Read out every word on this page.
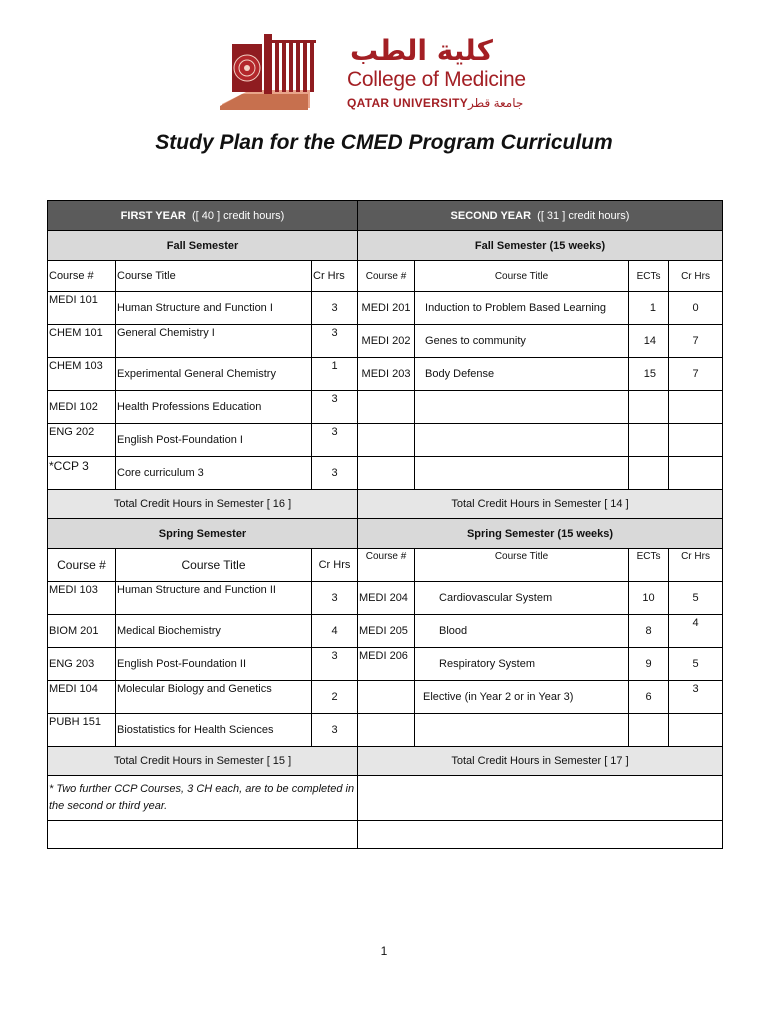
كلية الطب
College of Medicine
QATAR UNIVERSITYجامعة قطر
Study Plan for the CMED Program Curriculum
FIRST YEAR ([ 40 ] credit hours)			SECOND YEAR ([ 31 ] credit hours)			
Fall Semester			Fall Semester (15 weeks)			
Course #	Course Title	Cr Hrs	Course #	Course Title	ECTs	Cr Hrs
MEDI 101	Human Structure and Function I	3	MEDI 201	Induction to Problem Based Learning	1	0
CHEM 101	General Chemistry I	3	MEDI 202	Genes to community	14	7
CHEM 103	Experimental General Chemistry	1	MEDI 203	Body Defense	15	7
MEDI 102	Health Professions Education	3				
ENG 202	English Post-Foundation I	3				
*CCP 3	Core curriculum 3	3				
Total Credit Hours in Semester [ 16 ]			Total Credit Hours in Semester [ 14 ]			
Spring Semester			Spring Semester (15 weeks)			
Course #	Course Title	Cr Hrs	Course #	Course Title	ECTs	Cr Hrs
MEDI 103	Human Structure and Function II	3	MEDI 204	Cardiovascular System	10	5
BIOM 201	Medical Biochemistry	4	MEDI 205	Blood	8	4
ENG 203	English Post-Foundation II	3	MEDI 206	Respiratory System	9	5
MEDI 104	Molecular Biology and Genetics	2		Elective (in Year 2 or in Year 3)	6	3
PUBH 151	Biostatistics for Health Sciences	3				
Total Credit Hours in Semester [ 15 ]			Total Credit Hours in Semester [ 17 ]			
* Two further CCP Courses, 3 CH each, are to be completed in the second or third year.						

1
